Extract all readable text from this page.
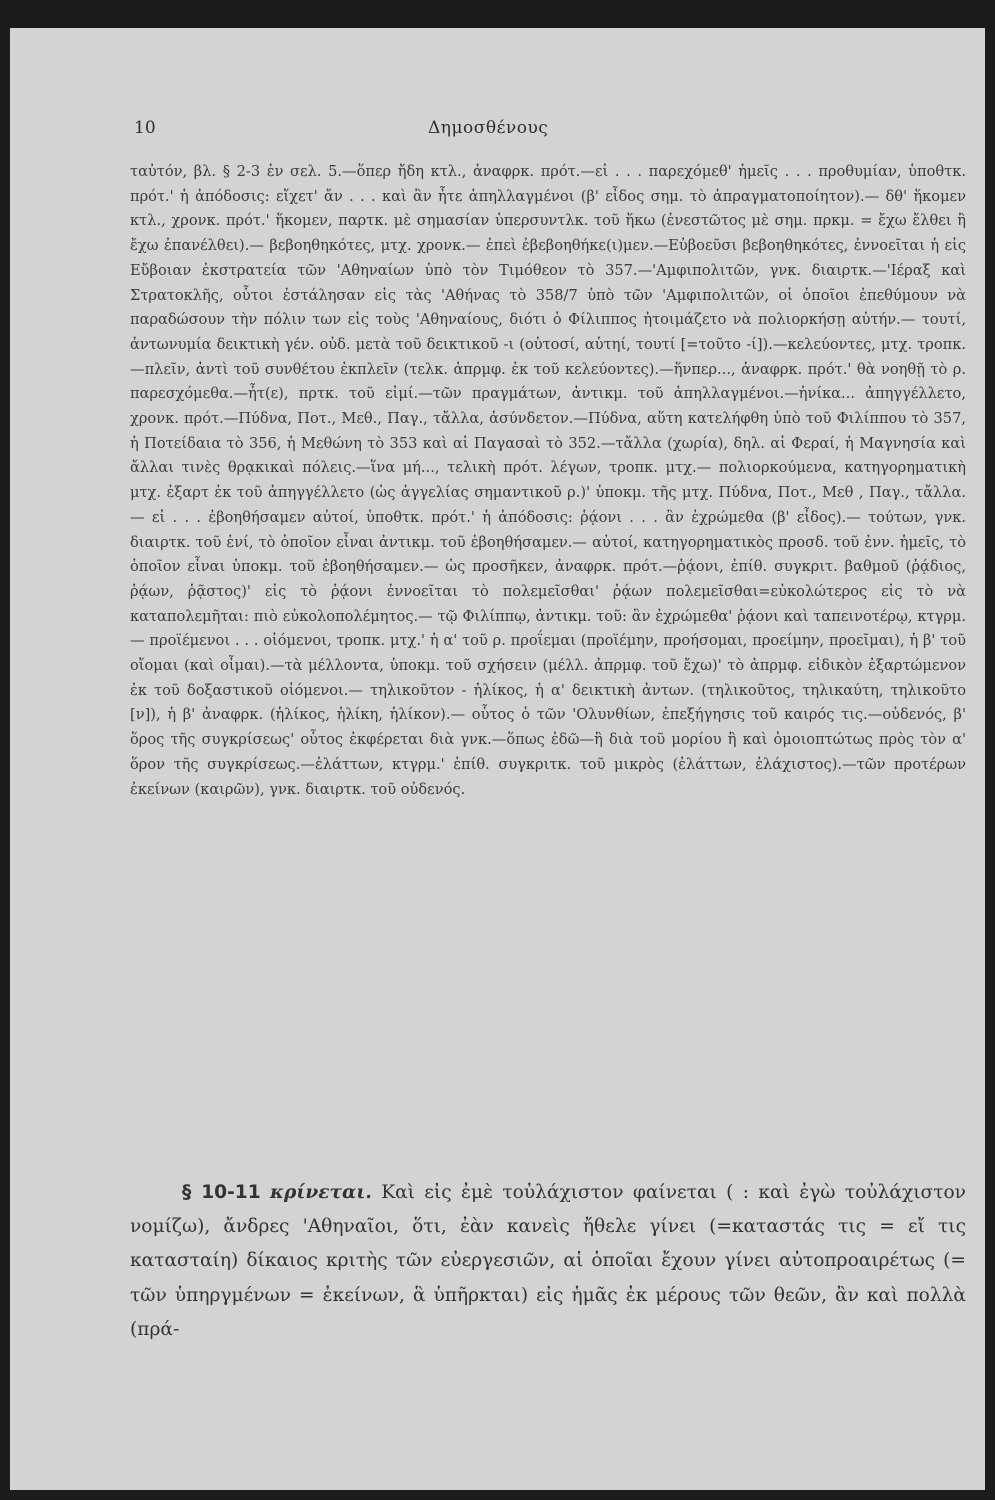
10	Δημοσθένους

ταὐτόν, βλ. § 2-3 ἐν σελ. 5.—ὅπερ ἤδη κτλ., ἀναφρκ. πρότ.—εἰ . . . παρεχόμεθ' ἡμεῖς . . . προθυμίαν, ὑποθτκ. πρότ.' ἡ ἀπόδοσις: εἴχετ' ἄν . . . καὶ ἂν ἦτε ἀπηλλαγμένοι (β' εἶδος σημ. τὸ ἀπραγματοποίητον).— δθ' ἥκομεν κτλ., χρονκ. πρότ.' ἥκομεν, παρτκ. μὲ σημασίαν ὑπερσυντλκ. τοῦ ἥκω (ἐνεστῶτος μὲ σημ. πρκμ. = ἔχω ἔλθει ἢ ἔχω ἐπανέλθει).— βεβοηθηκότες, μτχ. χρονκ.— ἐπεὶ ἐβεβοηθήκε(ι)μεν.—Εὐβοεῦσι βεβοηθηκότες, ἐννοεῖται ἡ εἰς Εὔβοιαν ἐκστρατεία τῶν 'Αθηναίων ὑπὸ τὸν Τιμόθεον τὸ 357.—'Αμφιπολιτῶν, γνκ. διαιρτκ.—'Ιέραξ καὶ Στρατοκλῆς, οὗτοι ἐστάλησαν εἰς τὰς 'Αθήνας τὸ 358/7 ὑπὸ τῶν 'Αμφιπολιτῶν, οἱ ὁποῖοι ἐπεθύμουν νὰ παραδώσουν τὴν πόλιν των εἰς τοὺς 'Αθηναίους, διότι ὁ Φίλιππος ἡτοιμάζετο νὰ πολιορκήσῃ αὐτήν.— τουτί, ἀντωνυμία δεικτικὴ γέν. οὐδ. μετὰ τοῦ δεικτικοῦ -ι (οὑτοσί, αὑτηί, τουτί [=τοῦτο -ί]).—κελεύοντες, μτχ. τροπκ.—πλεῖν, ἀντὶ τοῦ συνθέτου ἐκπλεῖν (τελκ. ἀπρμφ. ἐκ τοῦ κελεύοντες).—ἥνπερ..., ἀναφρκ. πρότ.' θὰ νοηθῇ τὸ ρ. παρεσχόμεθα.—ἦτ(ε), πρτκ. τοῦ εἰμί.—τῶν πραγμάτων, ἀντικμ. τοῦ ἀπηλλαγμένοι.—ἡνίκα... ἀπηγγέλλετο, χρονκ. πρότ.—Πύδνα, Ποτ., Μεθ., Παγ., τἄλλα, ἀσύνδετον.—Πύδνα, αὕτη κατελήφθη ὑπὸ τοῦ Φιλίππου τὸ 357, ἡ Ποτείδαια τὸ 356, ἡ Μεθώνη τὸ 353 καὶ αἱ Παγασαὶ τὸ 352.—τἄλλα (χωρία), δηλ. αἱ Φεραί, ἡ Μαγνησία καὶ ἄλλαι τινὲς θρᾳκικαὶ πόλεις.—ἵνα μή..., τελικὴ πρότ. λέγων, τροπκ. μτχ.— πολιορκούμενα, κατηγορηματικὴ μτχ. ἐξαρτ ἐκ τοῦ ἀπηγγέλλετο (ὡς ἀγγελίας σημαντικοῦ ρ.)' ὑποκμ. τῆς μτχ. Πύδνα, Ποτ., Μεθ , Παγ., τἄλλα.— εἰ . . . ἐβοηθήσαμεν αὐτοί, ὑποθτκ. πρότ.' ἡ ἀπόδοσις: ῥᾴονι . . . ἂν ἐχρώμεθα (β' εἶδος).— τούτων, γνκ. διαιρτκ. τοῦ ἑνί, τὸ ὁποῖον εἶναι ἀντικμ. τοῦ ἐβοηθήσαμεν.— αὐτοί, κατηγορηματικὸς προσδ. τοῦ ἐνν. ἡμεῖς, τὸ ὁποῖον εἶναι ὑποκμ. τοῦ ἐβοηθήσαμεν.— ὡς προσῆκεν, ἀναφρκ. πρότ.—ῥᾴονι, ἐπίθ. συγκριτ. βαθμοῦ (ῥᾴδιος, ῥᾴων, ῥᾷστος)' εἰς τὸ ῥᾴονι ἐννοεῖται τὸ πολεμεῖσθαι' ῥᾴων πολεμεῖσθαι=εὐκολώτερος εἰς τὸ νὰ καταπολεμῆται: πιὸ εὐκολοπολέμητος.— τῷ Φιλίππῳ, ἀντικμ. τοῦ: ἂν ἐχρώμεθα' ῥᾴονι καὶ ταπεινοτέρῳ, κτγρμ.— προϊέμενοι . . . οἰόμενοι, τροπκ. μτχ.' ἡ α' τοῦ ρ. προΐεμαι (προϊέμην, προήσομαι, προείμην, προεῖμαι), ἡ β' τοῦ οἴομαι (καὶ οἶμαι).—τὰ μέλλοντα, ὑποκμ. τοῦ σχήσειν (μέλλ. ἀπρμφ. τοῦ ἔχω)' τὸ ἀπρμφ. εἰδικὸν ἐξαρτώμενον ἐκ τοῦ δοξαστικοῦ οἰόμενοι.— τηλικοῦτον - ἡλίκος, ἡ α' δεικτικὴ ἀντων. (τηλικοῦτος, τηλικαύτη, τηλικοῦτο [ν]), ἡ β' ἀναφρκ. (ἡλίκος, ἡλίκη, ἡλίκον).— οὗτος ὁ τῶν 'Ολυνθίων, ἐπεξήγησις τοῦ καιρός τις.—οὐδενός, β' ὅρος τῆς συγκρίσεως' οὗτος ἐκφέρεται διὰ γνκ.—ὅπως ἐδῶ—ἢ διὰ τοῦ μορίου ἢ καὶ ὁμοιοπτώτως πρὸς τὸν α' ὅρον τῆς συγκρίσεως.—ἐλάττων, κτγρμ.' ἐπίθ. συγκριτκ. τοῦ μικρὸς (ἐλάττων, ἐλάχιστος).—τῶν προτέρων ἐκείνων (καιρῶν), γνκ. διαιρτκ. τοῦ οὐδενός.

§ 10-11 κρίνεται. Καὶ εἰς ἐμὲ τοὐλάχιστον φαίνεται ( : καὶ ἐγὼ τοὐλάχιστον νομίζω), ἄνδρες 'Αθηναῖοι, ὅτι, ἐὰν κανεὶς ἤθελε γίνει (=καταστάς τις = εἴ τις κατασταίη) δίκαιος κριτὴς τῶν εὐεργεσιῶν, αἱ ὁποῖαι ἔχουν γίνει αὐτοπροαιρέτως (= τῶν ὑπηργμένων = ἐκείνων, ἃ ὑπῆρκται) εἰς ἡμᾶς ἐκ μέρους τῶν θεῶν, ἂν καὶ πολλὰ (πρά-
